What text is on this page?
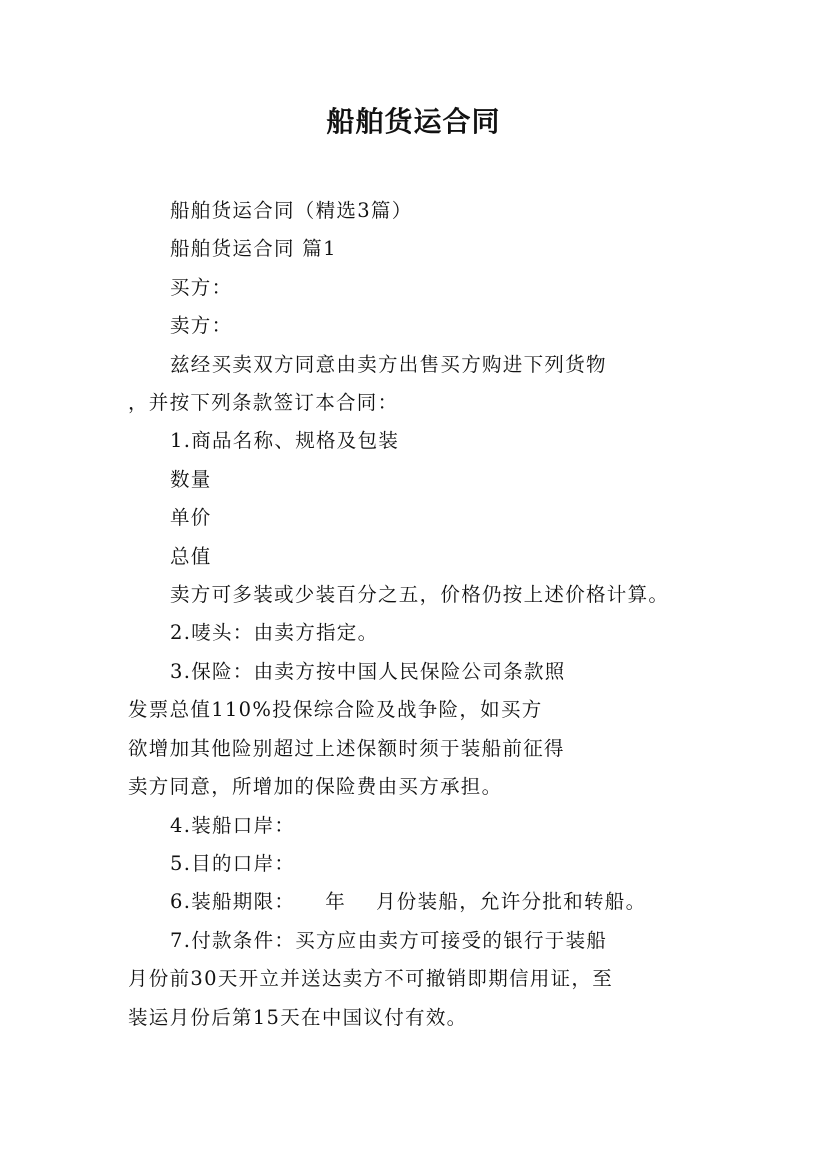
船舶货运合同

船舶货运合同（精选3篇）

船舶货运合同 篇1

买方：

卖方：

兹经买卖双方同意由卖方出售买方购进下列货物
，并按下列条款签订本合同：

1.商品名称、规格及包装

数量

单价

总值

卖方可多装或少装百分之五，价格仍按上述价格计算。

2.唛头：由卖方指定。

3.保险：由卖方按中国人民保险公司条款照
发票总值110%投保综合险及战争险，如买方
欲增加其他险别超过上述保额时须于装船前征得
卖方同意，所增加的保险费由买方承担。

4.装船口岸：

5.目的口岸：

6.装船期限：    年    月份装船，允许分批和转船。

7.付款条件：买方应由卖方可接受的银行于装船
月份前30天开立并送达卖方不可撤销即期信用证，至
装运月份后第15天在中国议付有效。
